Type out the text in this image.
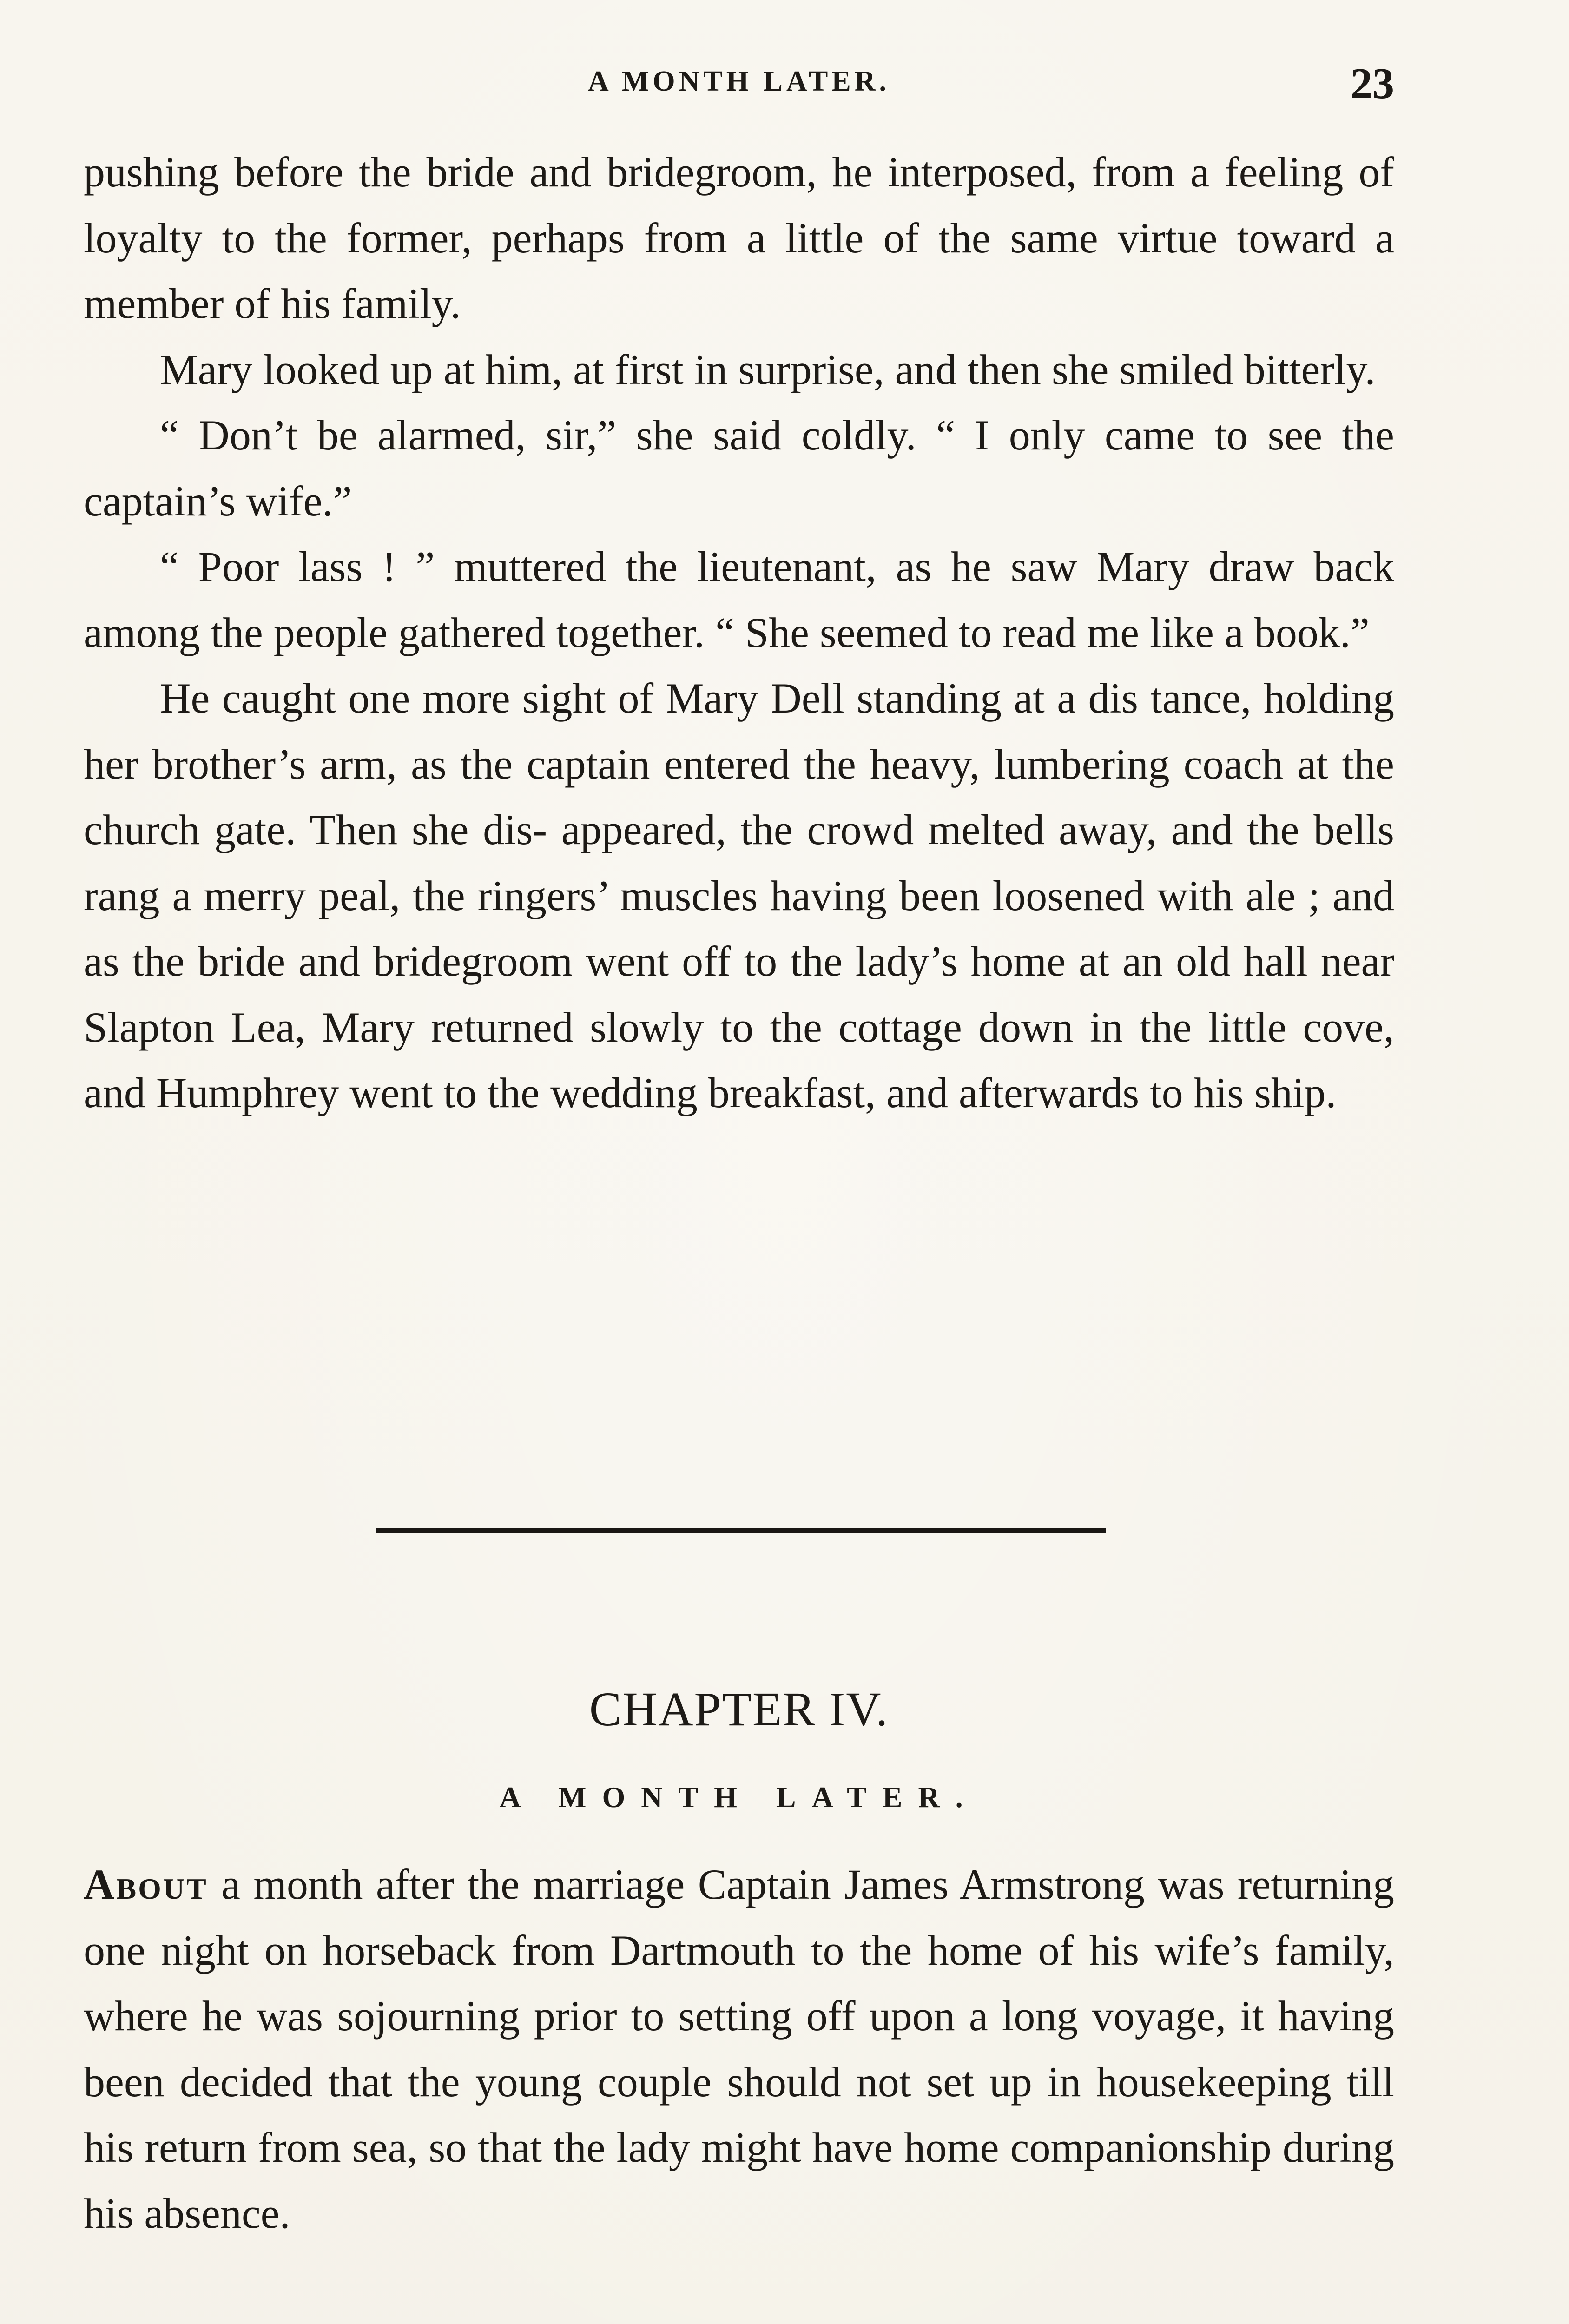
A MONTH LATER.	23

pushing before the bride and bridegroom, he interposed, from a feeling of loyalty to the former, perhaps from a little of the same virtue toward a member of his family.

Mary looked up at him, at first in surprise, and then she smiled bitterly.

“ Don’t be alarmed, sir,” she said coldly. “ I only came to see the captain’s wife.”

“ Poor lass ! ” muttered the lieutenant, as he saw Mary draw back among the people gathered together. “ She seemed to read me like a book.”

He caught one more sight of Mary Dell standing at a dis tance, holding her brother’s arm, as the captain entered the heavy, lumbering coach at the church gate. Then she dis- appeared, the crowd melted away, and the bells rang a merry peal, the ringers’ muscles having been loosened with ale ; and as the bride and bridegroom went off to the lady’s home at an old hall near Slapton Lea, Mary returned slowly to the cottage down in the little cove, and Humphrey went to the wedding breakfast, and afterwards to his ship.

CHAPTER IV.
A MONTH LATER.

About a month after the marriage Captain James Armstrong was returning one night on horseback from Dartmouth to the home of his wife’s family, where he was sojourning prior to setting off upon a long voyage, it having been decided that the young couple should not set up in housekeeping till his return from sea, so that the lady might have home companionship during his absence.
